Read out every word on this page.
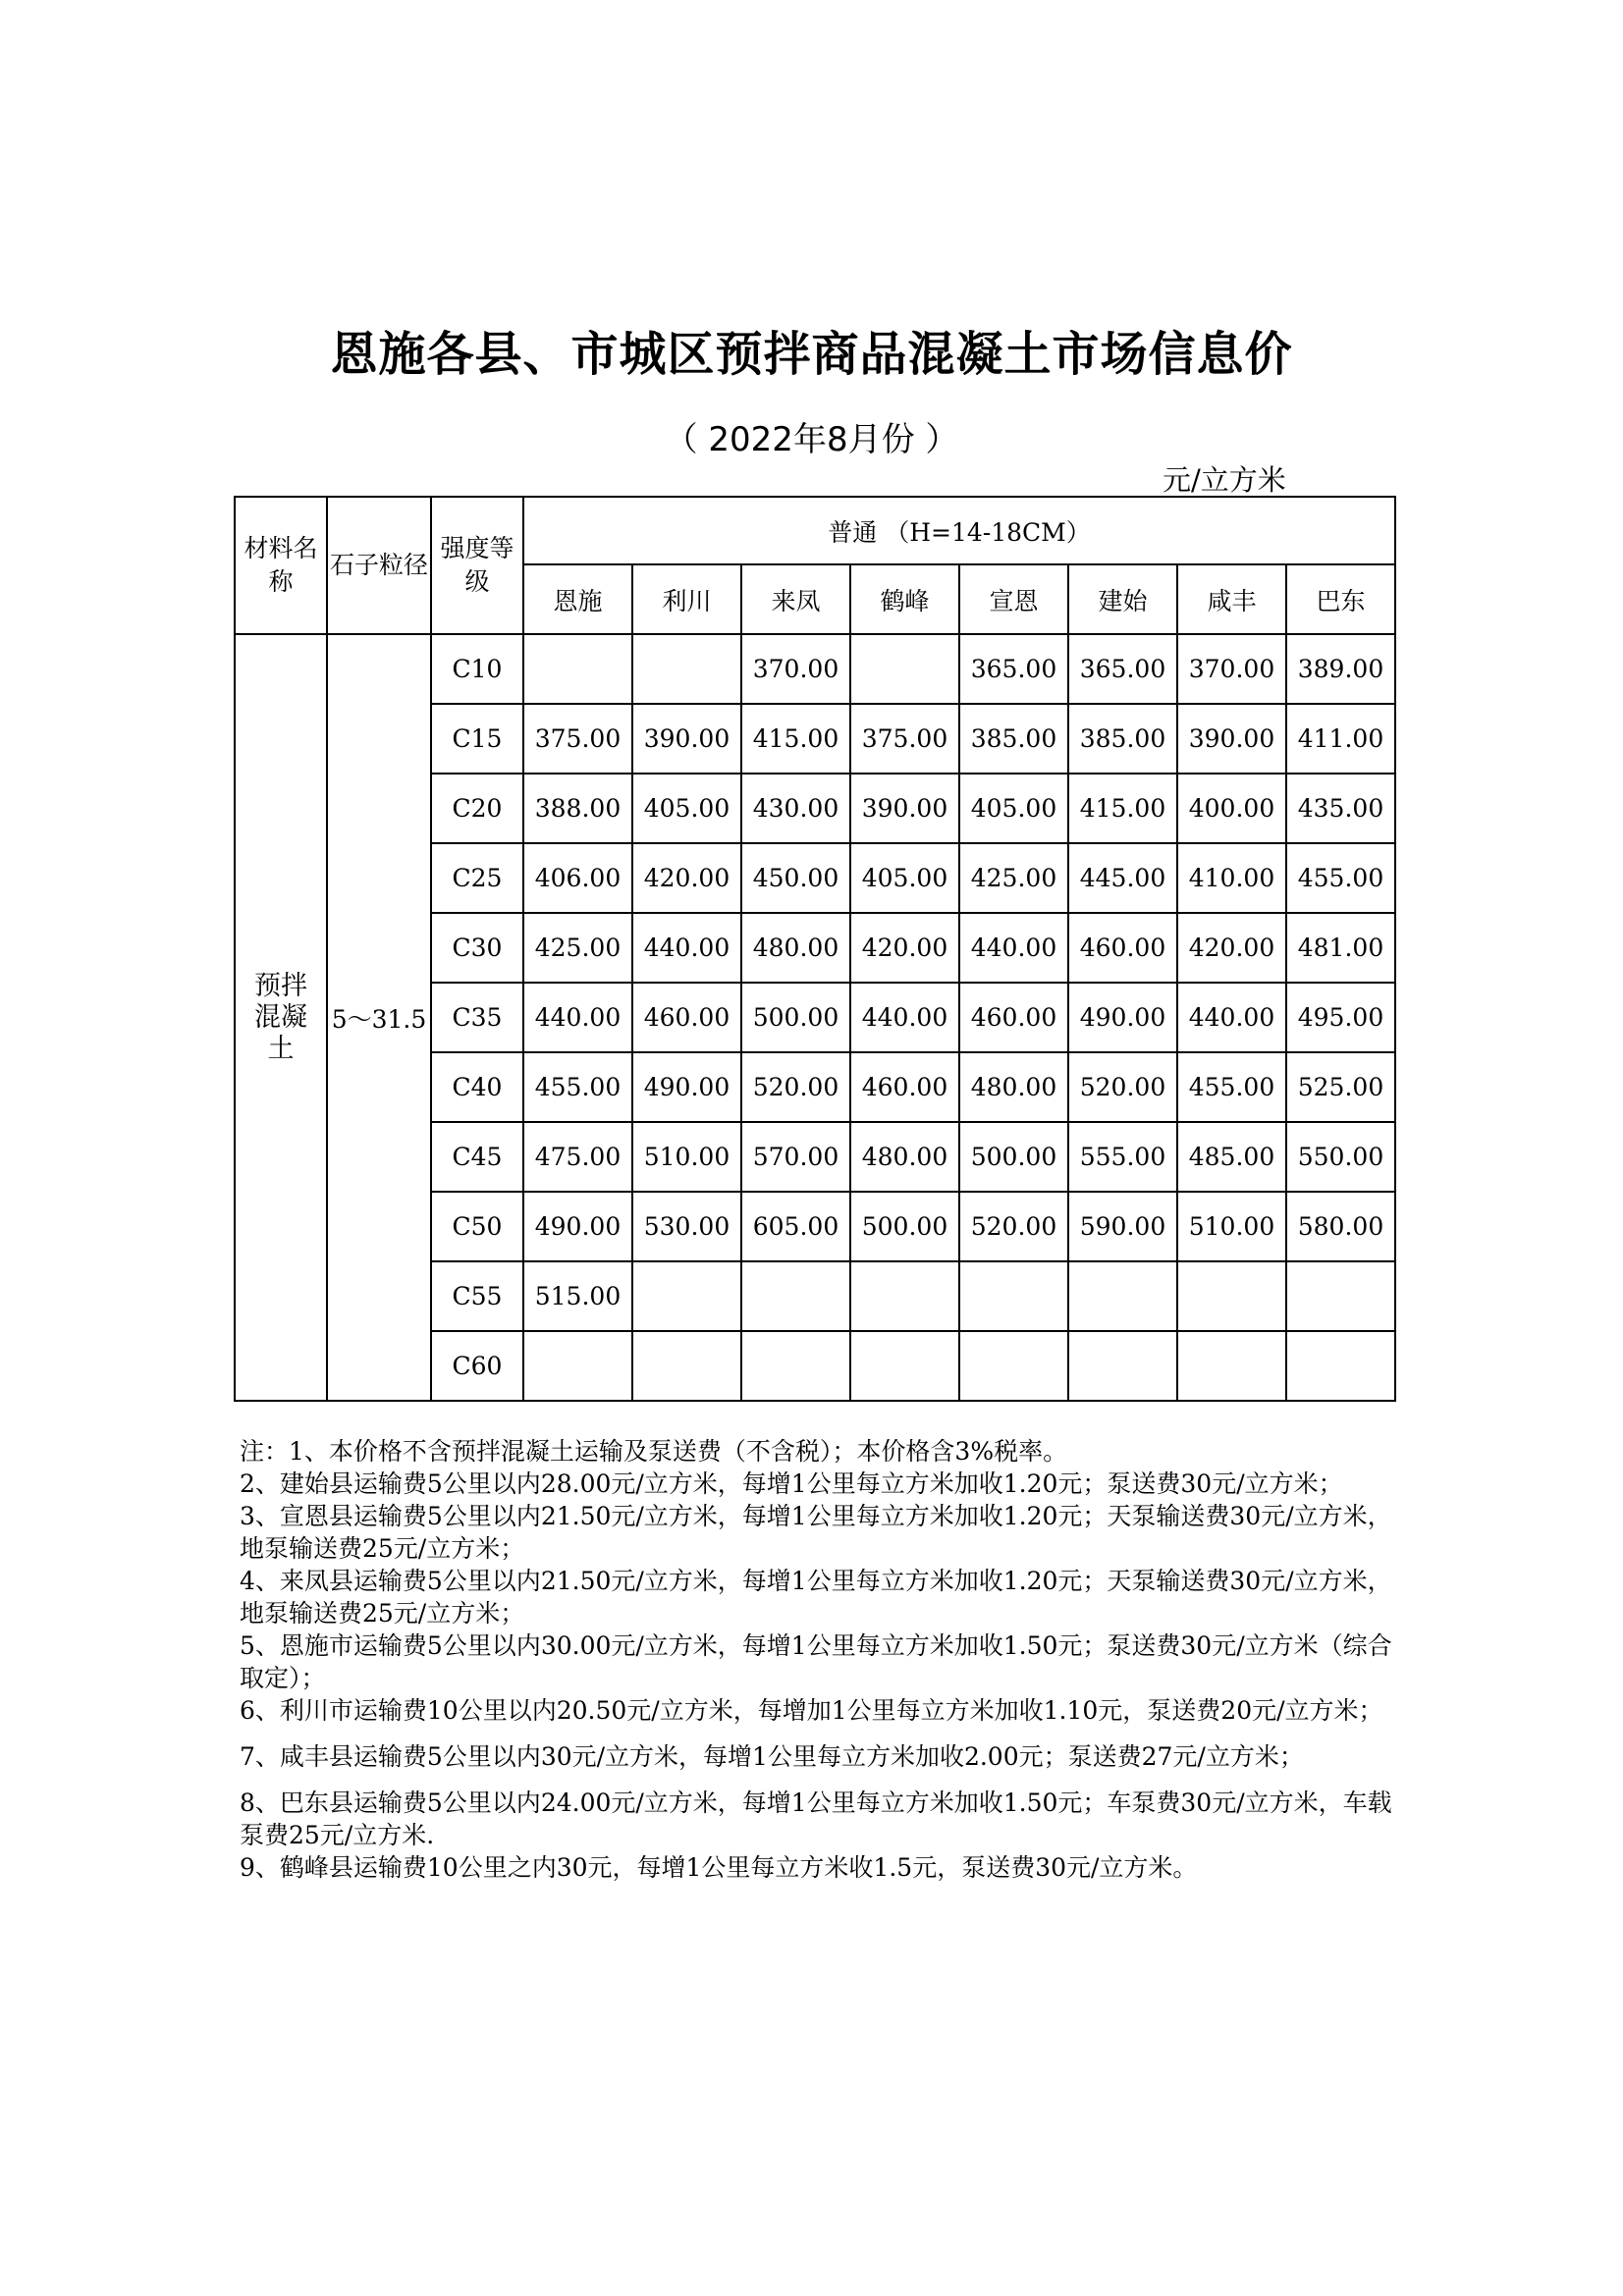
恩施各县、市城区预拌商品混凝土市场信息价
（ 2022年8月份 ）
元/立方米
材料名称	石子粒径	强度等级	普通 （H=14-18CM）							
			恩施	利川	来凤	鹤峰	宣恩	建始	咸丰	巴东
预拌混凝土	5～31.5	C10			370.00		365.00	365.00	370.00	389.00
		C15	375.00	390.00	415.00	375.00	385.00	385.00	390.00	411.00
		C20	388.00	405.00	430.00	390.00	405.00	415.00	400.00	435.00
		C25	406.00	420.00	450.00	405.00	425.00	445.00	410.00	455.00
		C30	425.00	440.00	480.00	420.00	440.00	460.00	420.00	481.00
		C35	440.00	460.00	500.00	440.00	460.00	490.00	440.00	495.00
		C40	455.00	490.00	520.00	460.00	480.00	520.00	455.00	525.00
		C45	475.00	510.00	570.00	480.00	500.00	555.00	485.00	550.00
		C50	490.00	530.00	605.00	500.00	520.00	590.00	510.00	580.00
		C55	515.00							
		C60								

注：1、本价格不含预拌混凝土运输及泵送费（不含税）；本价格含3%税率。

2、建始县运输费5公里以内28.00元/立方米，每增1公里每立方米加收1.20元；泵送费30元/立方米；

3、宣恩县运输费5公里以内21.50元/立方米，每增1公里每立方米加收1.20元；天泵输送费30元/立方米，地泵输送费25元/立方米；

4、来凤县运输费5公里以内21.50元/立方米，每增1公里每立方米加收1.20元；天泵输送费30元/立方米，地泵输送费25元/立方米；

5、恩施市运输费5公里以内30.00元/立方米，每增1公里每立方米加收1.50元；泵送费30元/立方米（综合取定）；

6、利川市运输费10公里以内20.50元/立方米，每增加1公里每立方米加收1.10元，泵送费20元/立方米；

7、咸丰县运输费5公里以内30元/立方米，每增1公里每立方米加收2.00元；泵送费27元/立方米；

8、巴东县运输费5公里以内24.00元/立方米，每增1公里每立方米加收1.50元；车泵费30元/立方米，车载泵费25元/立方米.

9、鹤峰县运输费10公里之内30元，每增1公里每立方米收1.5元，泵送费30元/立方米。
